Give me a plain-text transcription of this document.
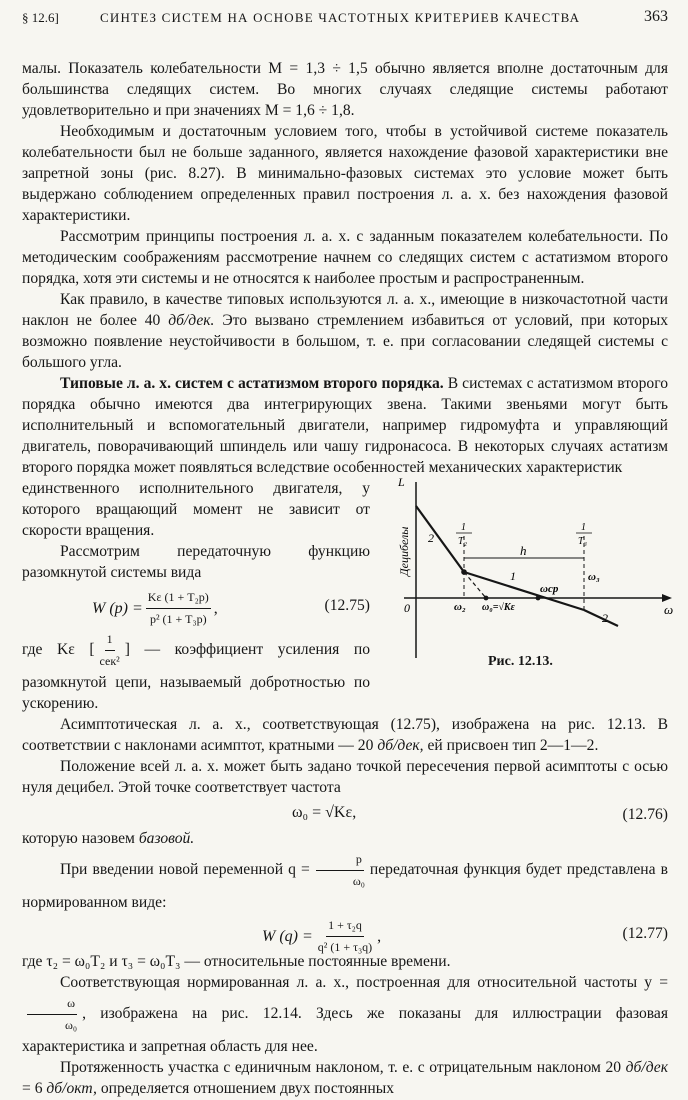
§ 12.6]	СИНТЕЗ СИСТЕМ НА ОСНОВЕ ЧАСТОТНЫХ КРИТЕРИЕВ КАЧЕСТВА	363

малы. Показатель колебательности M = 1,3 ÷ 1,5 обычно является вполне достаточным для большинства следящих систем. Во многих случаях следящие системы работают удовлетворительно и при значениях M = 1,6 ÷ 1,8.

Необходимым и достаточным условием того, чтобы в устойчивой системе показатель колебательности был не больше заданного, является нахождение фазовой характеристики вне запретной зоны (рис. 8.27). В минимально-фазовых системах это условие может быть выдержано соблюдением определенных правил построения л. а. х. без нахождения фазовой характеристики.

Рассмотрим принципы построения л. а. х. с заданным показателем колебательности. По методическим соображениям рассмотрение начнем со следящих систем с астатизмом второго порядка, хотя эти системы и не относятся к наиболее простым и распространенным.

Как правило, в качестве типовых используются л. а. х., имеющие в низкочастотной части наклон не более 40 дб/дек. Это вызвано стремлением избавиться от условий, при которых возможно появление неустойчивости в большом, т. е. при согласовании следящей системы с большого угла.

Типовые л. а. х. систем с астатизмом второго порядка. В системах с астатизмом второго порядка обычно имеются два интегрирующих звена. Такими звеньями могут быть исполнительный и вспомогательный двигатели, например гидромуфта и управляющий двигатель, поворачивающий шпиндель или чашу гидронасоса. В некоторых случаях астатизм второго порядка может появляться вследствие особенностей механических характеристик

единственного исполнительного двигателя, у которого вращающий момент не зависит от скорости вращения.

Рассмотрим передаточную функцию разомкнутой системы вида

W $(p) = \frac{\text{Kε (1 + T₂p)}}{\text{p² (1 + T₃p)}}$ ,	(12.75)

где Kε [ $\frac{1}{\text{сек²}}$ ] — коэффициент усиления по разомкнутой цепи, называемый добротностью по ускорению.

Асимптотическая л. а. х., соответствующая (12.75), изображена на рис. 12.13. В соответствии с наклонами асимптот, кратными — 20 дб/дек, ей присвоен тип 2—1—2.

Положение всей л. а. х. может быть задано точкой пересечения первой асимптоты с осью нуля децибел. Этой точке соответствует частота

ω₀ = √Kε,	(12.76)

которую назовем базовой.

При введении новой переменной $q = \frac{p}{\text{ω₀}}$ передаточная функция будет представлена в нормированном виде:

W $(q) = \frac{\text{1 + τ₂q}}{\text{q² (1 + τ₃q)}}$ ,	(12.77)

где τ₂ = ω₀T₂ и τ₃ = ω₀T₃ — относительные постоянные времени.

Соответствующая нормированная л. а. х., построенная для относительной частоты y =
$\frac{\omega}{\text{ω₀}}$ , изображена на рис. 12.14. Здесь же показаны для иллюстрации фазовая характеристика и запретная область для нее.

Протяженность участка с единичным наклоном, т. е. с отрицательным наклоном 20 дб/дек = 6 дб/окт, определяется отношением двух постоянных

L
Децибелы
0	ω
1
T₂
1
T₃
h
2
1
2
ω₂ ω₀=√Kε
ωср
ω₃
Рис. 12.13.
